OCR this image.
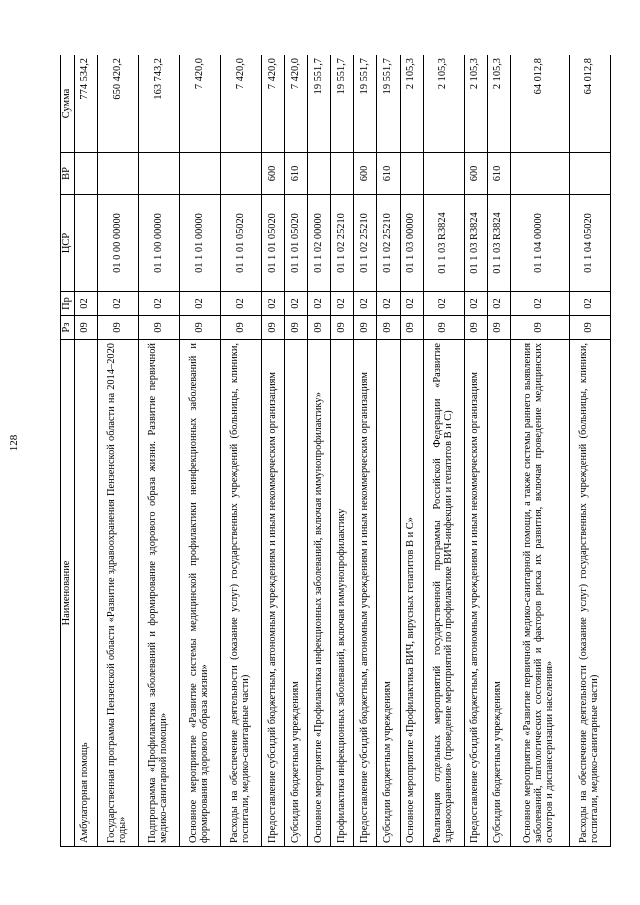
128
Наименование	Рз	Пр	ЦСР	ВР	Сумма
Амбулаторная помощь	09	02			774 534,2
Государственная программа Пензенской области «Развитие здравоохранения Пензенской области на 2014–2020 годы»	09	02	01 0 00 00000		650 420,2
Подпрограмма «Профилактика заболеваний и формирование здорового образа жизни. Развитие первичной медико-санитарной помощи»	09	02	01 1 00 00000		163 743,2
Основное мероприятие «Развитие системы медицинской профилактики неинфекционных заболеваний и формирования здорового образа жизни»	09	02	01 1 01 00000		7 420,0
Расходы на обеспечение деятельности (оказание услуг) государственных учреждений (больницы, клиники, госпитали, медико-санитарные части)	09	02	01 1 01 05020		7 420,0
Предоставление субсидий бюджетным, автономным учреждениям и иным некоммерческим организациям	09	02	01 1 01 05020	600	7 420,0
Субсидии бюджетным учреждениям	09	02	01 1 01 05020	610	7 420,0
Основное мероприятие «Профилактика инфекционных заболеваний, включая иммунопрофилактику»	09	02	01 1 02 00000		19 551,7
Профилактика инфекционных заболеваний, включая иммунопрофилактику	09	02	01 1 02 25210		19 551,7
Предоставление субсидий бюджетным, автономным учреждениям и иным некоммерческим организациям	09	02	01 1 02 25210	600	19 551,7
Субсидии бюджетным учреждениям	09	02	01 1 02 25210	610	19 551,7
Основное мероприятие «Профилактика ВИЧ, вирусных гепатитов В и С»	09	02	01 1 03 00000		2 105,3
Реализация отдельных мероприятий государственной программы Российской Федерации «Развитие здравоохранения» (проведение мероприятий по профилактике ВИЧ-инфекции и гепатитов В и С)	09	02	01 1 03 R3824		2 105,3
Предоставление субсидий бюджетным, автономным учреждениям и иным некоммерческим организациям	09	02	01 1 03 R3824	600	2 105,3
Субсидии бюджетным учреждениям	09	02	01 1 03 R3824	610	2 105,3
Основное мероприятие «Развитие первичной медико-санитарной помощи, а также системы раннего выявления заболеваний, патологических состояний и факторов риска их развития, включая проведение медицинских осмотров и диспансеризации населения»	09	02	01 1 04 00000		64 012,8
Расходы на обеспечение деятельности (оказание услуг) государственных учреждений (больницы, клиники, госпитали, медико-санитарные части)	09	02	01 1 04 05020		64 012,8
